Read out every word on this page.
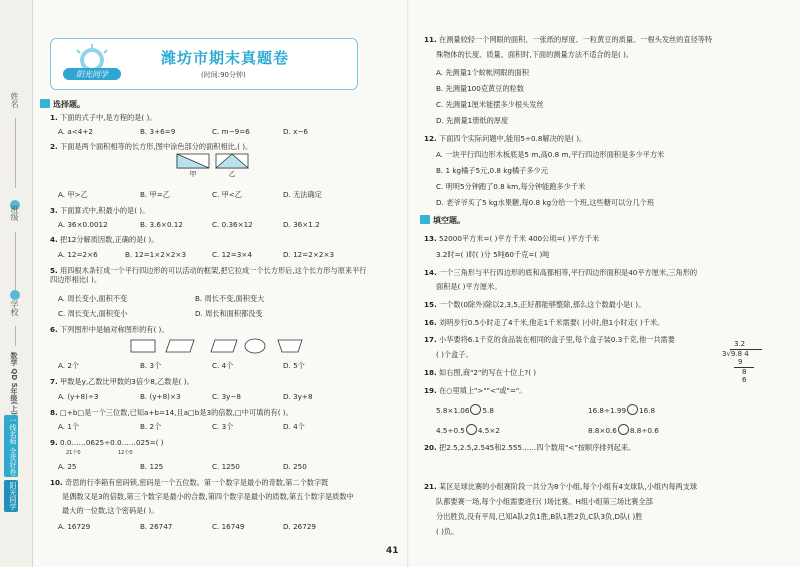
姓名
班级
学校
数学 QD 5年级(上)
一线名师 全优好卷
阳光同学
阳光同学
潍坊市期末真题卷
(时间:90分钟)
选择题。
1. 下面的式子中,是方程的是( )。
A. a<4+2	B. 3+6=9	C. m−9=6	D. x−6
2. 下面是两个面积相等的长方形,图中涂色部分的面积相比,( )。
甲	乙
A. 甲>乙	B. 甲=乙	C. 甲<乙	D. 无法确定
3. 下面算式中,积最小的是( )。
A. 36×0.0012	B. 3.6×0.12	C. 0.36×12	D. 36×1.2
4. 把12分解质因数,正确的是( )。
A. 12=2×6	B. 12=1×2×2×3	C. 12=3×4	D. 12=2×2×3
5. 用四根木条钉成一个平行四边形的可以活动的框架,把它拉成一个长方形后,这个长方形与原来平行四边形相比( )。
A. 周长变小,面积不变	B. 周长不变,面积变大
C. 周长变大,面积变小	D. 周长和面积都没变
6. 下列图形中是轴对称图形的有( )。
A. 2个	B. 3个	C. 4个	D. 5个
7. 甲数是y,乙数比甲数的3倍少8,乙数是( )。
A. (y+8)÷3	B. (y+8)×3	C. 3y−8	D. 3y+8
8. □+b□是一个三位数,已知a+b=14,且a□b是3的倍数,□中可填的有( )。
A. 1个	B. 2个	C. 3个	D. 4个
9. 0.0……0625÷0.0……025=( )
21个0	12个0
A. 25	B. 125	C. 1250	D. 250
10. 奇思的行李箱有密码锁,密码是一个五位数。第一个数字是最小的奇数,第二个数字既
是偶数又是3的倍数,第三个数字是最小的合数,第四个数字是最小的质数,第五个数字是质数中
最大的一位数,这个密码是( )。
A. 16729	B. 26747	C. 16749	D. 26729
11. 在测量较轻一个网眼的面积、一张纸的厚度、一粒黄豆的质量、一根头发丝的直径等特
殊物体的长度、质量、面积时,下面的测量方法不适合的是( )。
A. 先测量1个蚊帐网眼的面积
B. 先测量100克黄豆的粒数
C. 先测量1厘米能摆多少根头发丝
D. 先测量1册纸的厚度
12. 下面四个实际问题中,能用5÷0.8解决的是( )。
A. 一块平行四边形木板底是5 m,高0.8 m,平行四边形面积是多少平方米
B. 1 kg橘子5元,0.8 kg橘子多少元
C. 明明5分钟跑了0.8 km,每分钟能跑多少千米
D. 老爷爷买了5 kg水果糖,每0.8 kg分给一个班,这些糖可以分几个班
填空题。
13. 52000平方米=( )平方千米 400公顷=( )平方千米
3.2时=( )时( )分 5吨60千克=( )吨
14. 一个三角形与平行四边形的底和高都相等,平行四边形面积是40平方厘米,三角形的
面积是( )平方厘米。
15. 一个数(0除外)除以2,3,5,正好都能够整除,那么这个数最小是( )。
16. 刘明步行0.5小时走了4千米,他走1千米需要( )小时,他1小时走( )千米。
17. 小华要将6.1千克的食品装在相同的盒子里,每个盒子装0.3千克,他一共需要
( )个盒子。
18. 如右图,商"2"的写在十位上?( )
3.2
3√9.8 4
9
8
6
19. 在○里填上">""<"或"="。
5.8×1.06 5.8	16.8÷1.99 16.8
4.5÷0.5 4.5×2	8.8×0.6 8.8÷0.6
20. 把2.5,2.5̇,2.545和2.555……四个数用"<"按顺序排列起来。
21. 某区足球比赛的小组赛阶段一共分为8个小组,每个小组有4支球队,小组内每两支球
队都要赛一场,每个小组需要进行( )场比赛。H组小组第三场比赛全部
分出胜负,没有平局,已知A队2负1胜,B队1胜2负,C队3负,D队( )胜
( )负。
41
